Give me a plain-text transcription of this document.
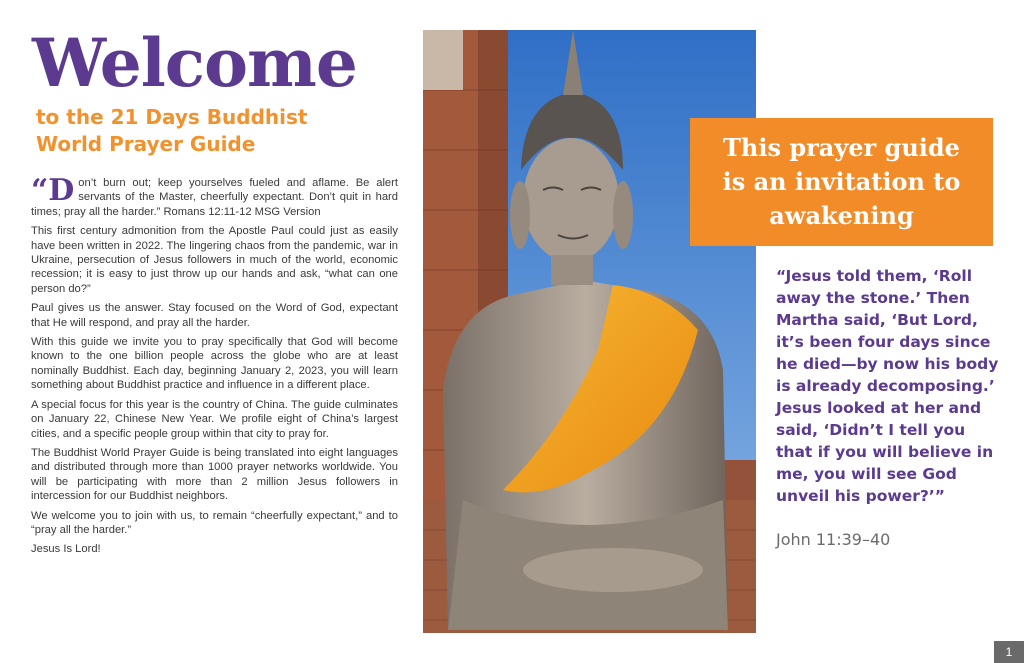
Welcome
to the 21 Days Buddhist
World Prayer Guide

“Don’t burn out; keep yourselves fueled and aflame. Be alert servants of the Master, cheerfully expectant. Don’t quit in hard times; pray all the harder.” Romans 12:11-12 MSG Version

This first century admonition from the Apostle Paul could just as easily have been written in 2022. The lingering chaos from the pandemic, war in Ukraine, persecution of Jesus followers in much of the world, economic recession; it is easy to just throw up our hands and ask, “what can one person do?”

Paul gives us the answer. Stay focused on the Word of God, expectant that He will respond, and pray all the harder.

With this guide we invite you to pray specifically that God will become known to the one billion people across the globe who are at least nominally Buddhist. Each day, beginning January 2, 2023, you will learn something about Buddhist practice and influence in a different place.

A special focus for this year is the country of China. The guide culminates on January 22, Chinese New Year. We profile eight of China’s largest cities, and a specific people group within that city to pray for.

The Buddhist World Prayer Guide is being translated into eight languages and distributed through more than 1000 prayer networks worldwide. You will be participating with more than 2 million Jesus followers in intercession for our Buddhist neighbors.

We welcome you to join with us, to remain “cheerfully expectant,” and to “pray all the harder.”

Jesus Is Lord!

This prayer guide
is an invitation to
awakening
“Jesus told them, ‘Roll away the stone.’ Then Martha said, ‘But Lord, it’s been four days since he died—by now his body is already decomposing.’ Jesus looked at her and said, ‘Didn’t I tell you that if you will believe in me, you will see God unveil his power?’”
John 11:39–40
1
